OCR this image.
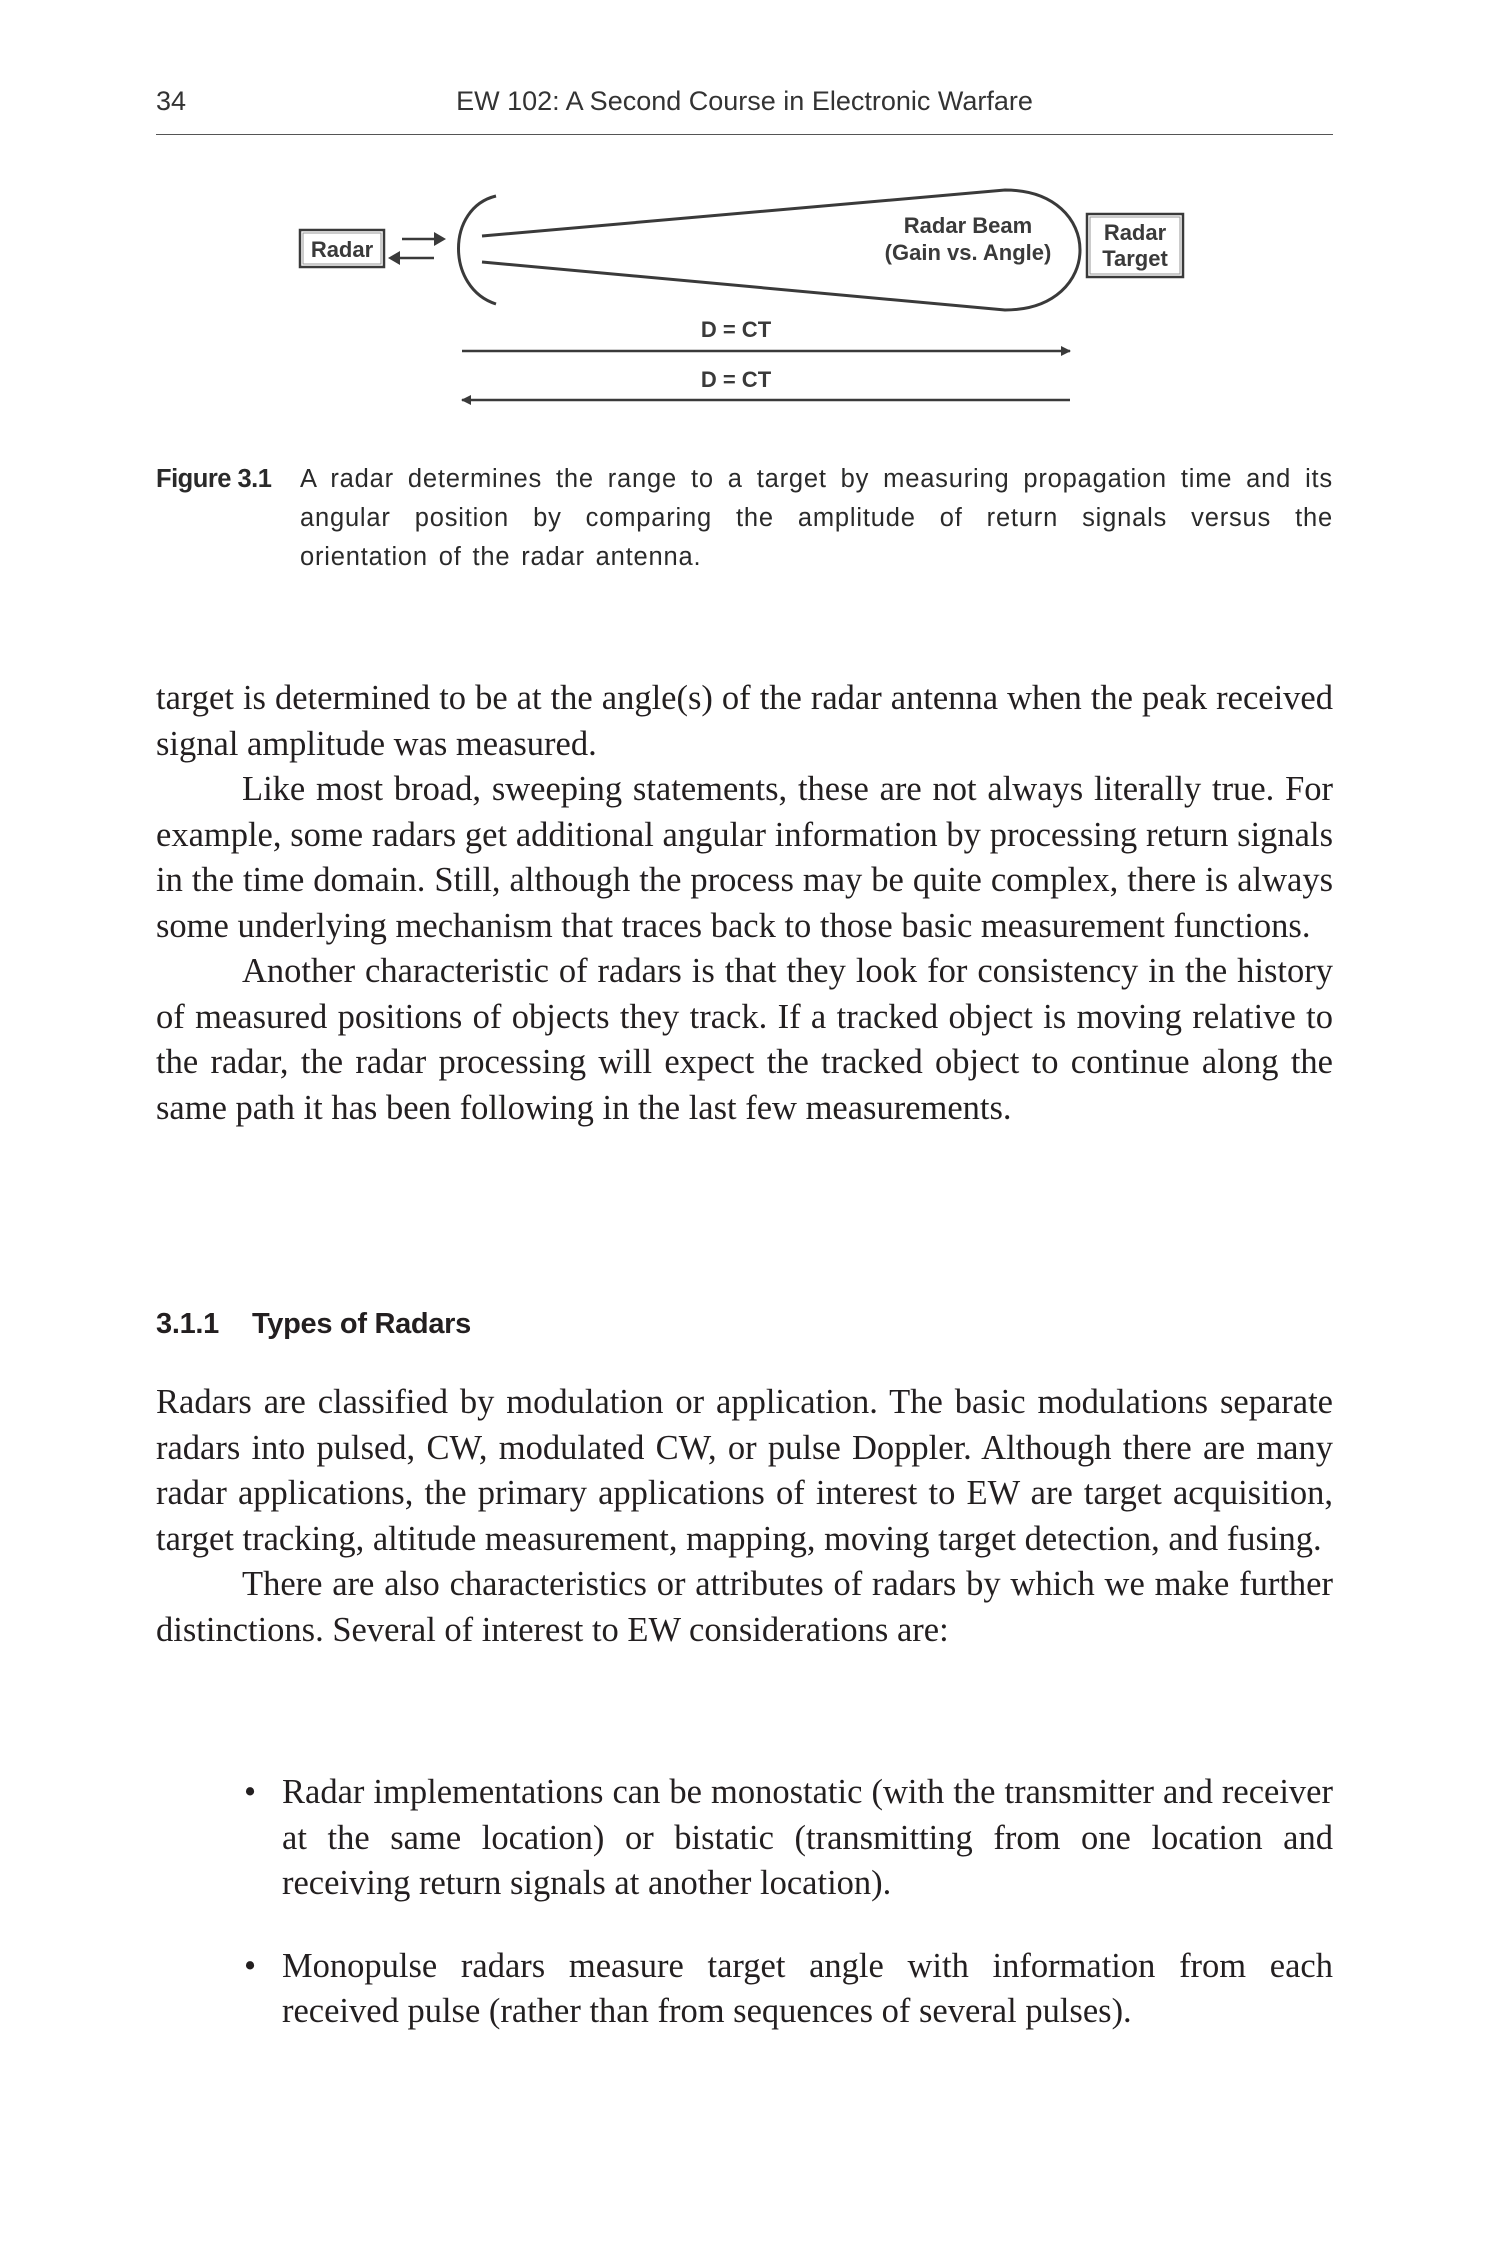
34	EW 102: A Second Course in Electronic Warfare
Radar
Radar Beam
(Gain vs. Angle)
Radar
Target
D = CT
D = CT
Figure 3.1 A radar determines the range to a target by measuring propagation time and its angular position by comparing the amplitude of return signals versus the orientation of the radar antenna.

target is determined to be at the angle(s) of the radar antenna when the peak received signal amplitude was measured.

Like most broad, sweeping statements, these are not always literally true. For example, some radars get additional angular information by processing return signals in the time domain. Still, although the process may be quite complex, there is always some underlying mechanism that traces back to those basic measurement functions.

Another characteristic of radars is that they look for consistency in the history of measured positions of objects they track. If a tracked object is moving relative to the radar, the radar processing will expect the tracked object to continue along the same path it has been following in the last few measurements.

3.1.1 Types of Radars

Radars are classified by modulation or application. The basic modulations separate radars into pulsed, CW, modulated CW, or pulse Doppler. Although there are many radar applications, the primary applications of interest to EW are target acquisition, target tracking, altitude measurement, mapping, moving target detection, and fusing.

There are also characteristics or attributes of radars by which we make further distinctions. Several of interest to EW considerations are:

• Radar implementations can be monostatic (with the transmitter and receiver at the same location) or bistatic (transmitting from one location and receiving return signals at another location).
• Monopulse radars measure target angle with information from each received pulse (rather than from sequences of several pulses).
